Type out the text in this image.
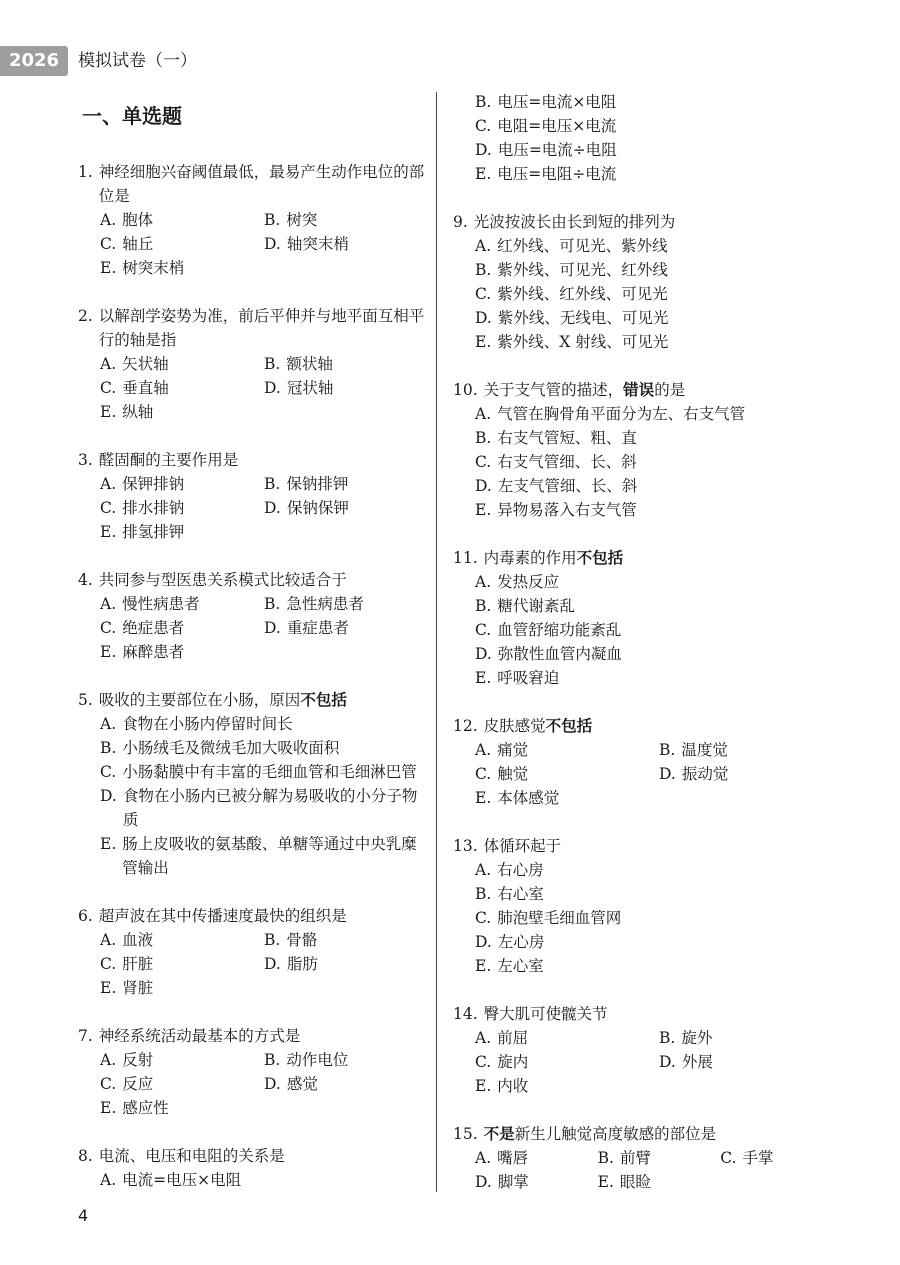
2026	模拟试卷（一）
一、单选题
1. 神经细胞兴奋阈值最低，最易产生动作电位的部位是
A. 胞体	B. 树突
C. 轴丘	D. 轴突末梢
E. 树突末梢
2. 以解剖学姿势为准，前后平伸并与地平面互相平行的轴是指
A. 矢状轴	B. 额状轴
C. 垂直轴	D. 冠状轴
E. 纵轴
3. 醛固酮的主要作用是
A. 保钾排钠	B. 保钠排钾
C. 排水排钠	D. 保钠保钾
E. 排氢排钾
4. 共同参与型医患关系模式比较适合于
A. 慢性病患者	B. 急性病患者
C. 绝症患者	D. 重症患者
E. 麻醉患者
5. 吸收的主要部位在小肠，原因不包括
A. 食物在小肠内停留时间长
B. 小肠绒毛及微绒毛加大吸收面积
C. 小肠黏膜中有丰富的毛细血管和毛细淋巴管
D. 食物在小肠内已被分解为易吸收的小分子物质
E. 肠上皮吸收的氨基酸、单糖等通过中央乳糜管输出
6. 超声波在其中传播速度最快的组织是
A. 血液	B. 骨骼
C. 肝脏	D. 脂肪
E. 肾脏
7. 神经系统活动最基本的方式是
A. 反射	B. 动作电位
C. 反应	D. 感觉
E. 感应性
8. 电流、电压和电阻的关系是
A. 电流=电压×电阻
B. 电压=电流×电阻
C. 电阻=电压×电流
D. 电压=电流÷电阻
E. 电压=电阻÷电流
9. 光波按波长由长到短的排列为
A. 红外线、可见光、紫外线
B. 紫外线、可见光、红外线
C. 紫外线、红外线、可见光
D. 紫外线、无线电、可见光
E. 紫外线、X 射线、可见光
10. 关于支气管的描述，错误的是
A. 气管在胸骨角平面分为左、右支气管
B. 右支气管短、粗、直
C. 右支气管细、长、斜
D. 左支气管细、长、斜
E. 异物易落入右支气管
11. 内毒素的作用不包括
A. 发热反应
B. 糖代谢紊乱
C. 血管舒缩功能紊乱
D. 弥散性血管内凝血
E. 呼吸窘迫
12. 皮肤感觉不包括
A. 痛觉	B. 温度觉
C. 触觉	D. 振动觉
E. 本体感觉
13. 体循环起于
A. 右心房
B. 右心室
C. 肺泡壁毛细血管网
D. 左心房
E. 左心室
14. 臀大肌可使髋关节
A. 前屈	B. 旋外
C. 旋内	D. 外展
E. 内收
15. 不是新生儿触觉高度敏感的部位是
A. 嘴唇	B. 前臂	C. 手掌
D. 脚掌	E. 眼睑
4
